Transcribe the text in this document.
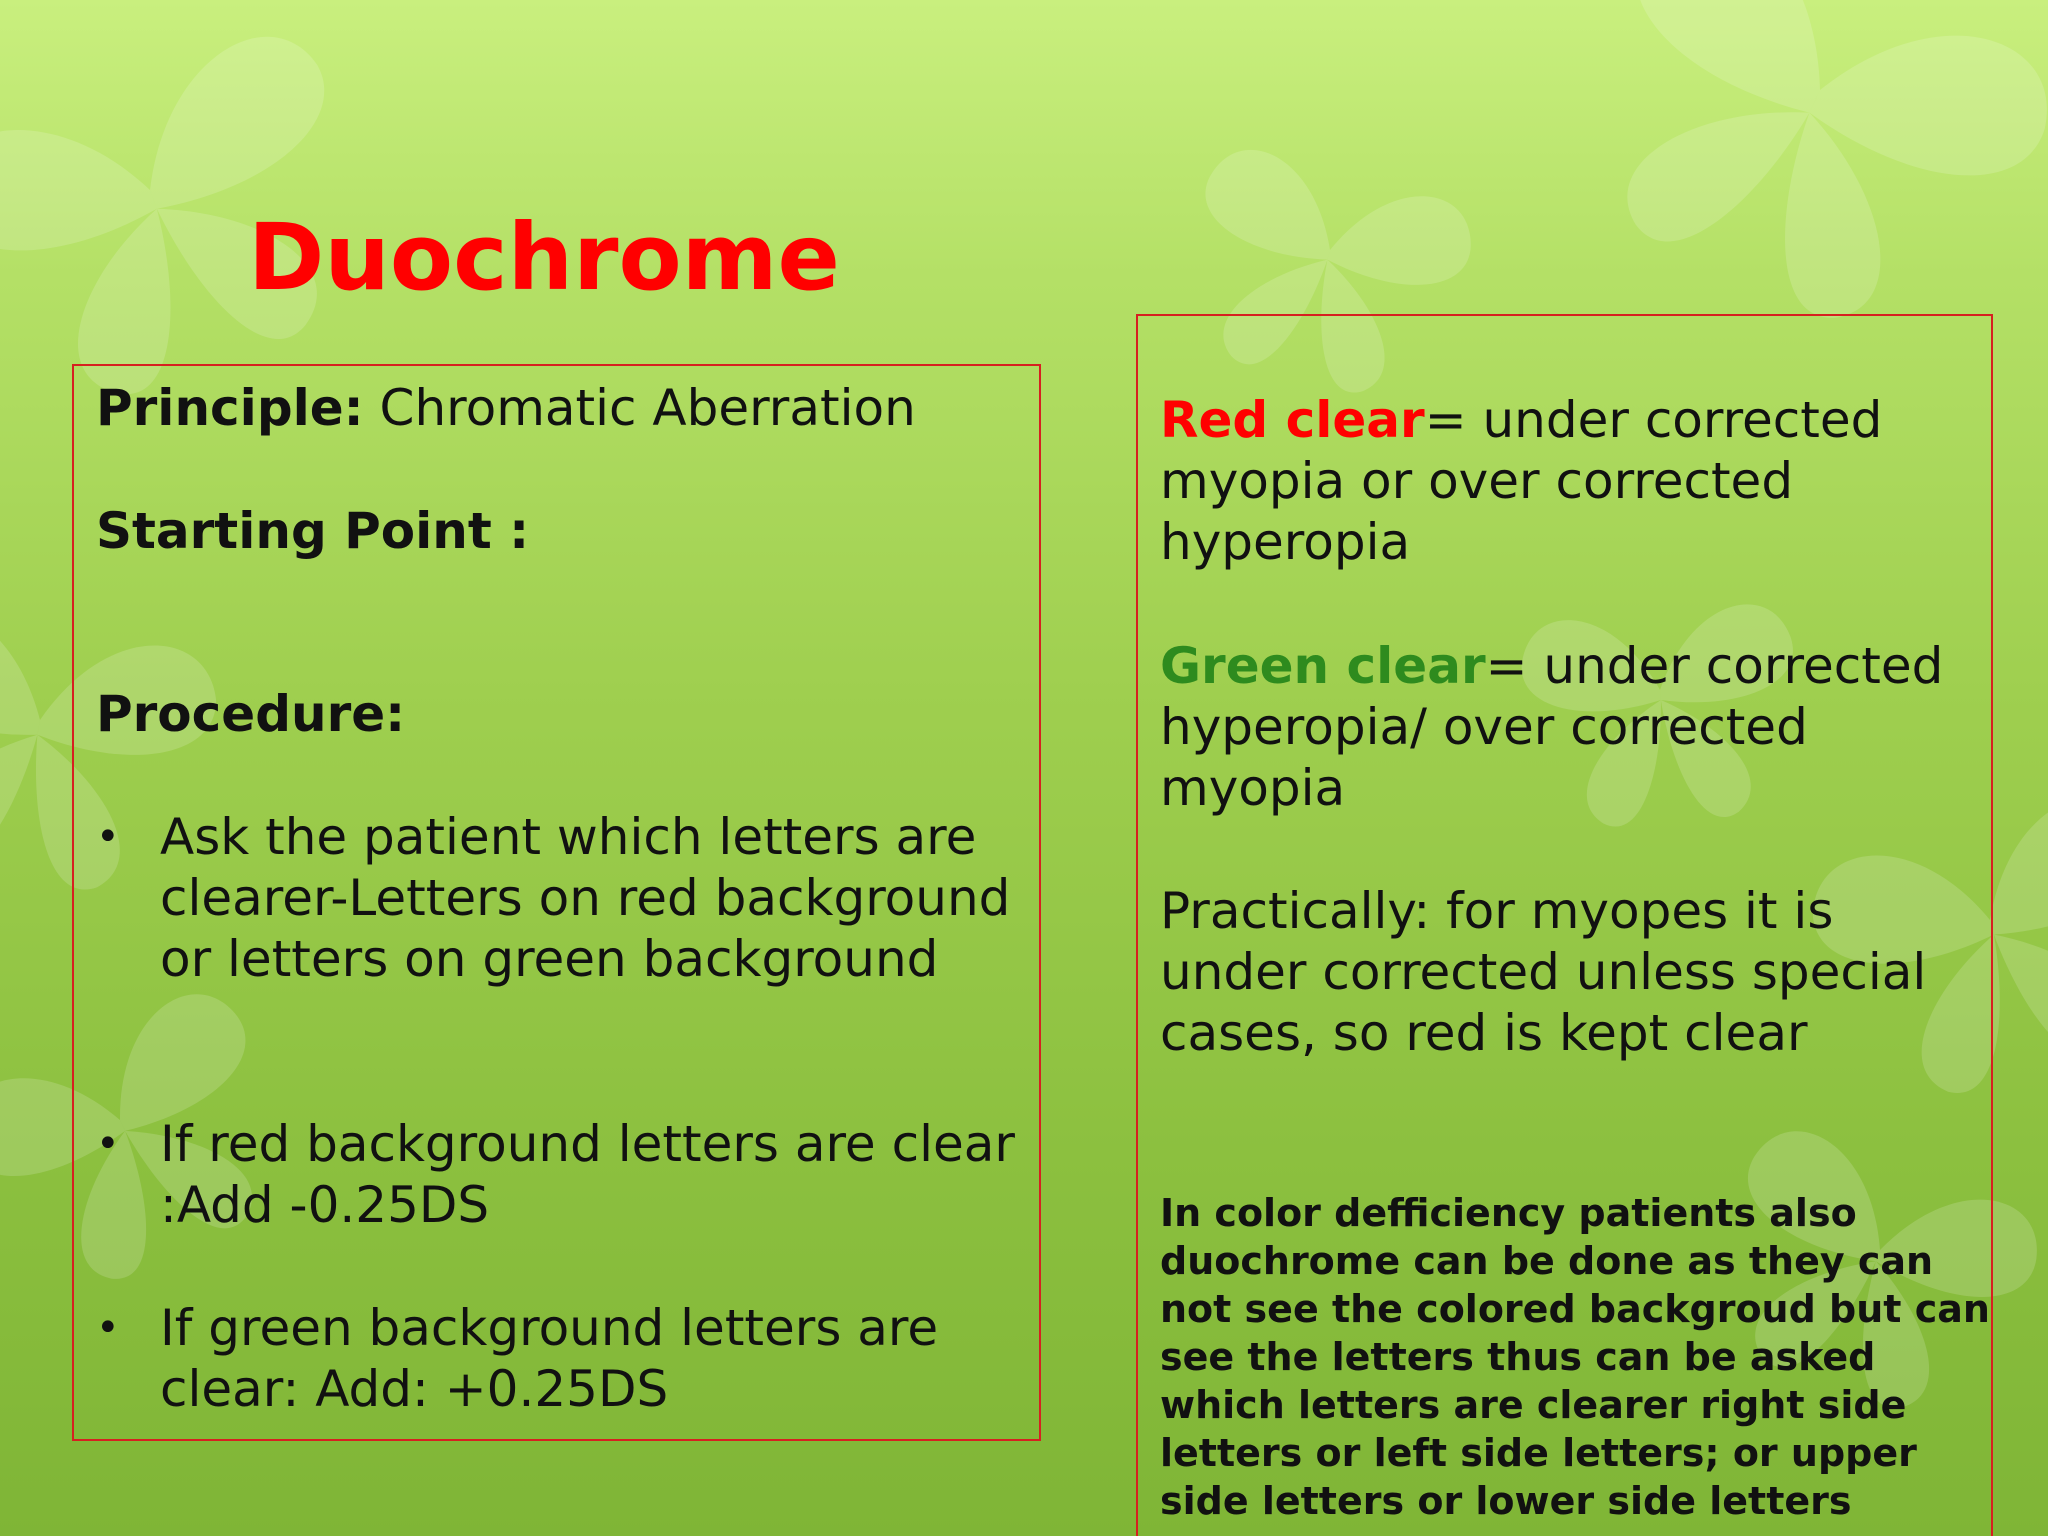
Duochrome
Principle: Chromatic Aberration
Starting Point :
Procedure:
• Ask the patient which letters are clearer-Letters on red background or letters on green background
• If red background letters are clear :Add -0.25DS
• If green background letters are clear: Add: +0.25DS
Red clear= under corrected myopia or over corrected hyperopia
Green clear= under corrected hyperopia/ over corrected myopia
Practically: for myopes it is under corrected unless special cases, so red is kept clear
In color defficiency patients also duochrome can be done as they can not see the colored backgroud but can see the letters thus can be asked which letters are clearer right side letters or left side letters; or upper side letters or lower side letters
